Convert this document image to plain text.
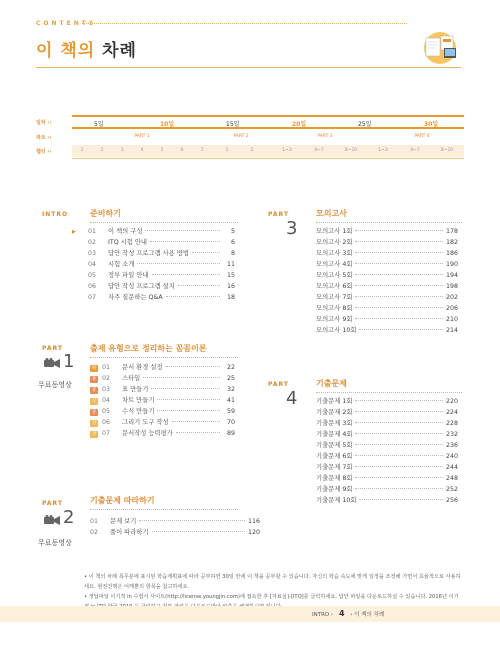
CONTENTS
이 책의 차례
일차 ››
파트 ››
챕터 ››
5일	10일	15일	20일	25일	30일
PART 1	PART 2	PART 3	PART 4
1	2	3	4	5	6	7	1	2	1~3	4~7	8~10	1~3	4~7	8~10
INTRO	준비하기
▶ 01	이 책의 구성	5
02	ITQ 시험 안내	6
03	답안 작성 프로그램 사용 방법	8
04	시험 소개	11
05	정부 파일 안내	15
06	답안 작성 프로그램 설치	16
07	자주 질문하는 Q&A	18
PART
1
무료동영상
출제 유형으로 정리하는 꼼꼼이론
하 01	문서 환경 설정	22
중 02	스타일	25
중 03	표 만들기	32
상 04	차트 만들기	41
중 05	수식 만들기	59
상 06	그리기 도구 작성	70
상 07	문서작성 능력평가	89
PART
2
무료동영상
기출문제 따라하기
01	문제 보기	116
02	풀이 따라하기	120
PART
3
모의고사
모의고사 1회	178
모의고사 2회	182
모의고사 3회	186
모의고사 4회	190
모의고사 5회	194
모의고사 6회	198
모의고사 7회	202
모의고사 8회	206
모의고사 9회	210
모의고사 10회	214
PART
4
기출문제
기출문제 1회	220
기출문제 2회	224
기출문제 3회	228
기출문제 4회	232
기출문제 5회	236
기출문제 6회	240
기출문제 7회	244
기출문제 8회	248
기출문제 9회	252
기출문제 10회	256

• 이 책의 차례 목무분에 표시된 학습계획표에 따라 공부하면 30일 만에 이 책을 공부할 수 있습니다. 자신의 학습 속도에 맞게 일정을 조정해 가면서 효율적으로 사용하세요. 현전진행은 어깨뿐의 항목을 참고하세요.

• 정답파일 이기적 in 수험서 사이트(http://license.youngjin.com)에 접속한 후 [자료실]-[ITQ]를 클릭하세요. 답안 파일을 다운로드하실 수 있습니다. 2016년 이기

INTRO › 4 › 이 책의 차례
